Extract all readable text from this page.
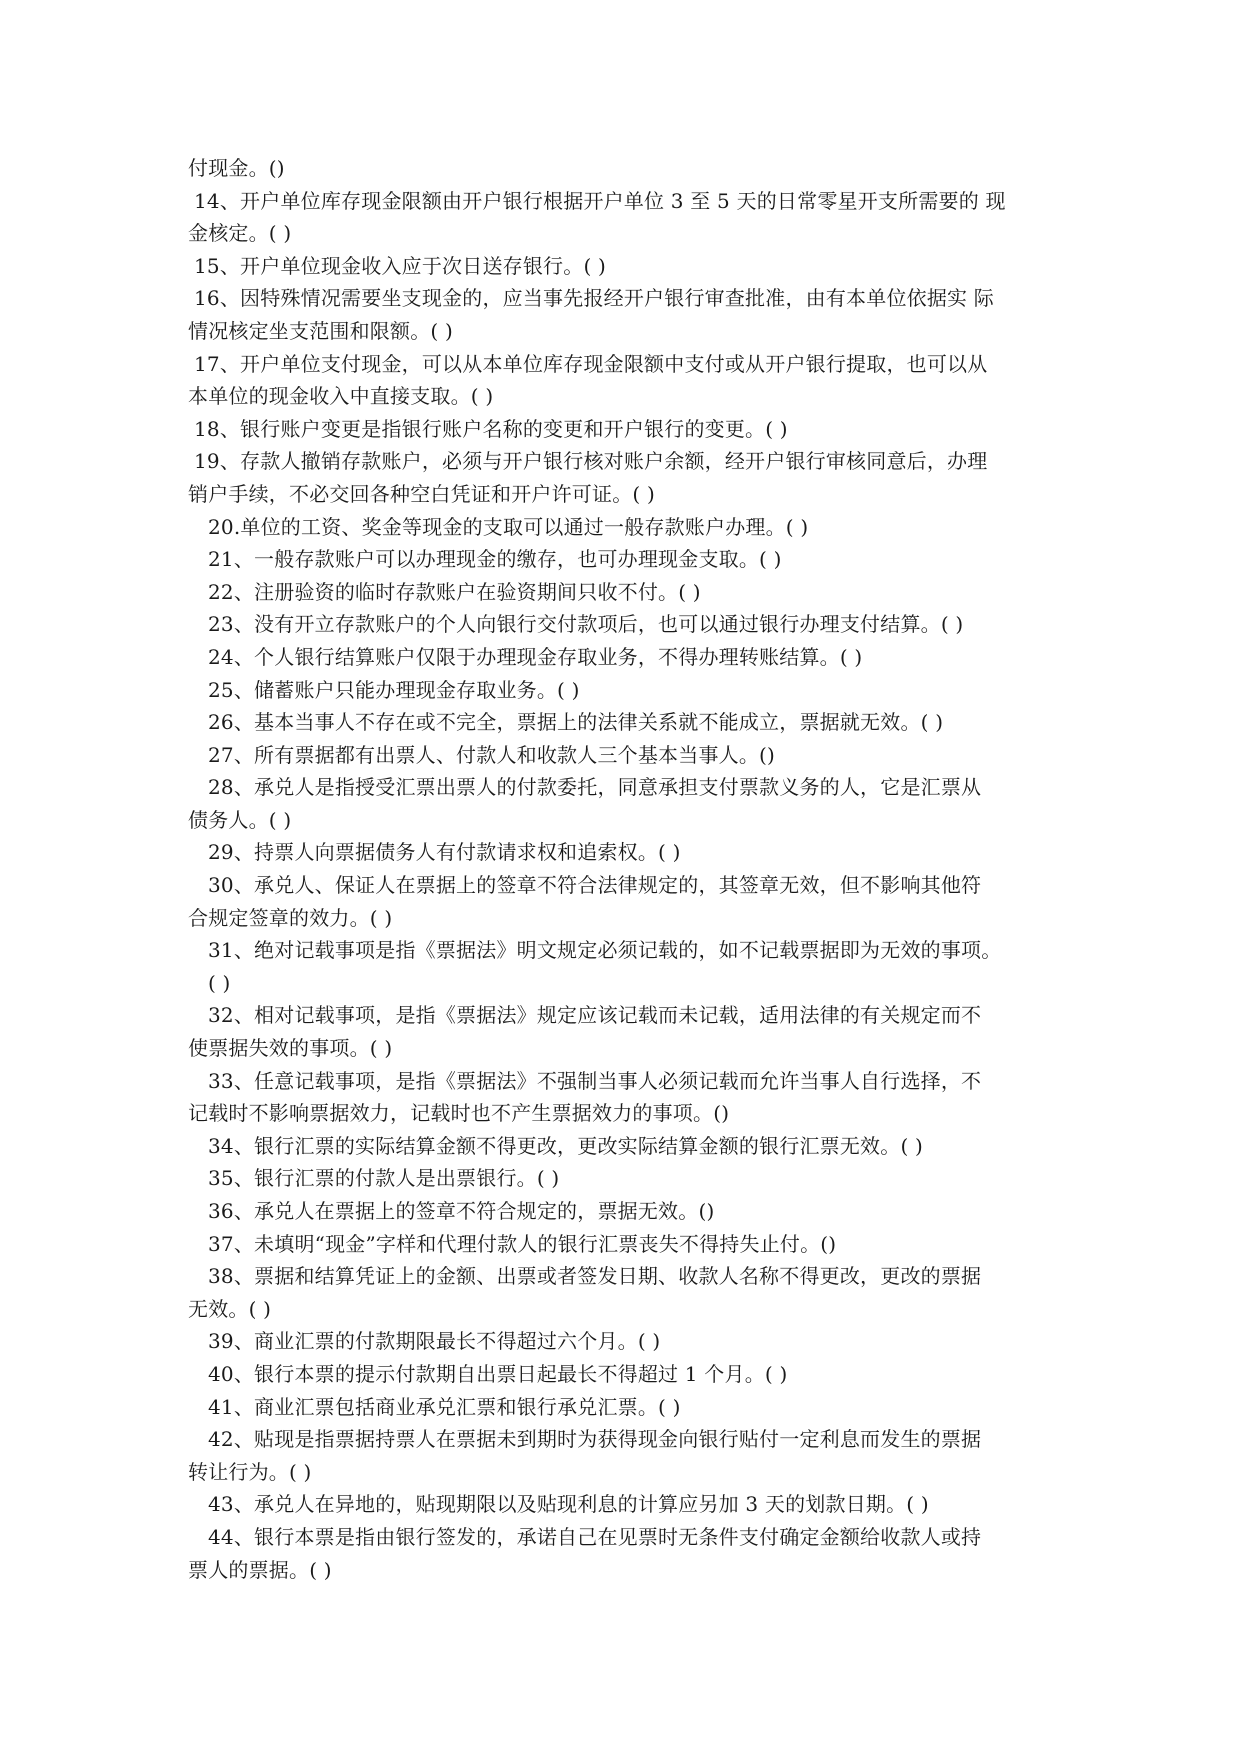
付现金。()
14、开户单位库存现金限额由开户银行根据开户单位 3 至 5 天的日常零星开支所需要的 现
金核定。( )
15、开户单位现金收入应于次日送存银行。( )
16、因特殊情况需要坐支现金的，应当事先报经开户银行审查批准，由有本单位依据实 际
情况核定坐支范围和限额。( )
17、开户单位支付现金，可以从本单位库存现金限额中支付或从开户银行提取，也可以从
本单位的现金收入中直接支取。( )
18、银行账户变更是指银行账户名称的变更和开户银行的变更。( )
19、存款人撤销存款账户，必须与开户银行核对账户余额，经开户银行审核同意后，办理
销户手续，不必交回各种空白凭证和开户许可证。( )
20.单位的工资、奖金等现金的支取可以通过一般存款账户办理。( )
21、一般存款账户可以办理现金的缴存，也可办理现金支取。( )
22、注册验资的临时存款账户在验资期间只收不付。( )
23、没有开立存款账户的个人向银行交付款项后，也可以通过银行办理支付结算。( )
24、个人银行结算账户仅限于办理现金存取业务，不得办理转账结算。( )
25、储蓄账户只能办理现金存取业务。( )
26、基本当事人不存在或不完全，票据上的法律关系就不能成立，票据就无效。( )
27、所有票据都有出票人、付款人和收款人三个基本当事人。()
28、承兑人是指授受汇票出票人的付款委托，同意承担支付票款义务的人，它是汇票从
债务人。( )
29、持票人向票据债务人有付款请求权和追索权。( )
30、承兑人、保证人在票据上的签章不符合法律规定的，其签章无效，但不影响其他符
合规定签章的效力。( )
31、绝对记载事项是指《票据法》明文规定必须记载的，如不记载票据即为无效的事项。
( )
32、相对记载事项，是指《票据法》规定应该记载而未记载，适用法律的有关规定而不
使票据失效的事项。( )
33、任意记载事项，是指《票据法》不强制当事人必须记载而允许当事人自行选择，不
记载时不影响票据效力，记载时也不产生票据效力的事项。()
34、银行汇票的实际结算金额不得更改，更改实际结算金额的银行汇票无效。( )
35、银行汇票的付款人是出票银行。( )
36、承兑人在票据上的签章不符合规定的，票据无效。()
37、未填明“现金”字样和代理付款人的银行汇票丧失不得持失止付。()
38、票据和结算凭证上的金额、出票或者签发日期、收款人名称不得更改，更改的票据
无效。( )
39、商业汇票的付款期限最长不得超过六个月。( )
40、银行本票的提示付款期自出票日起最长不得超过 1 个月。( )
41、商业汇票包括商业承兑汇票和银行承兑汇票。( )
42、贴现是指票据持票人在票据未到期时为获得现金向银行贴付一定利息而发生的票据
转让行为。( )
43、承兑人在异地的，贴现期限以及贴现利息的计算应另加 3 天的划款日期。( )
44、银行本票是指由银行签发的，承诺自己在见票时无条件支付确定金额给收款人或持
票人的票据。( )
